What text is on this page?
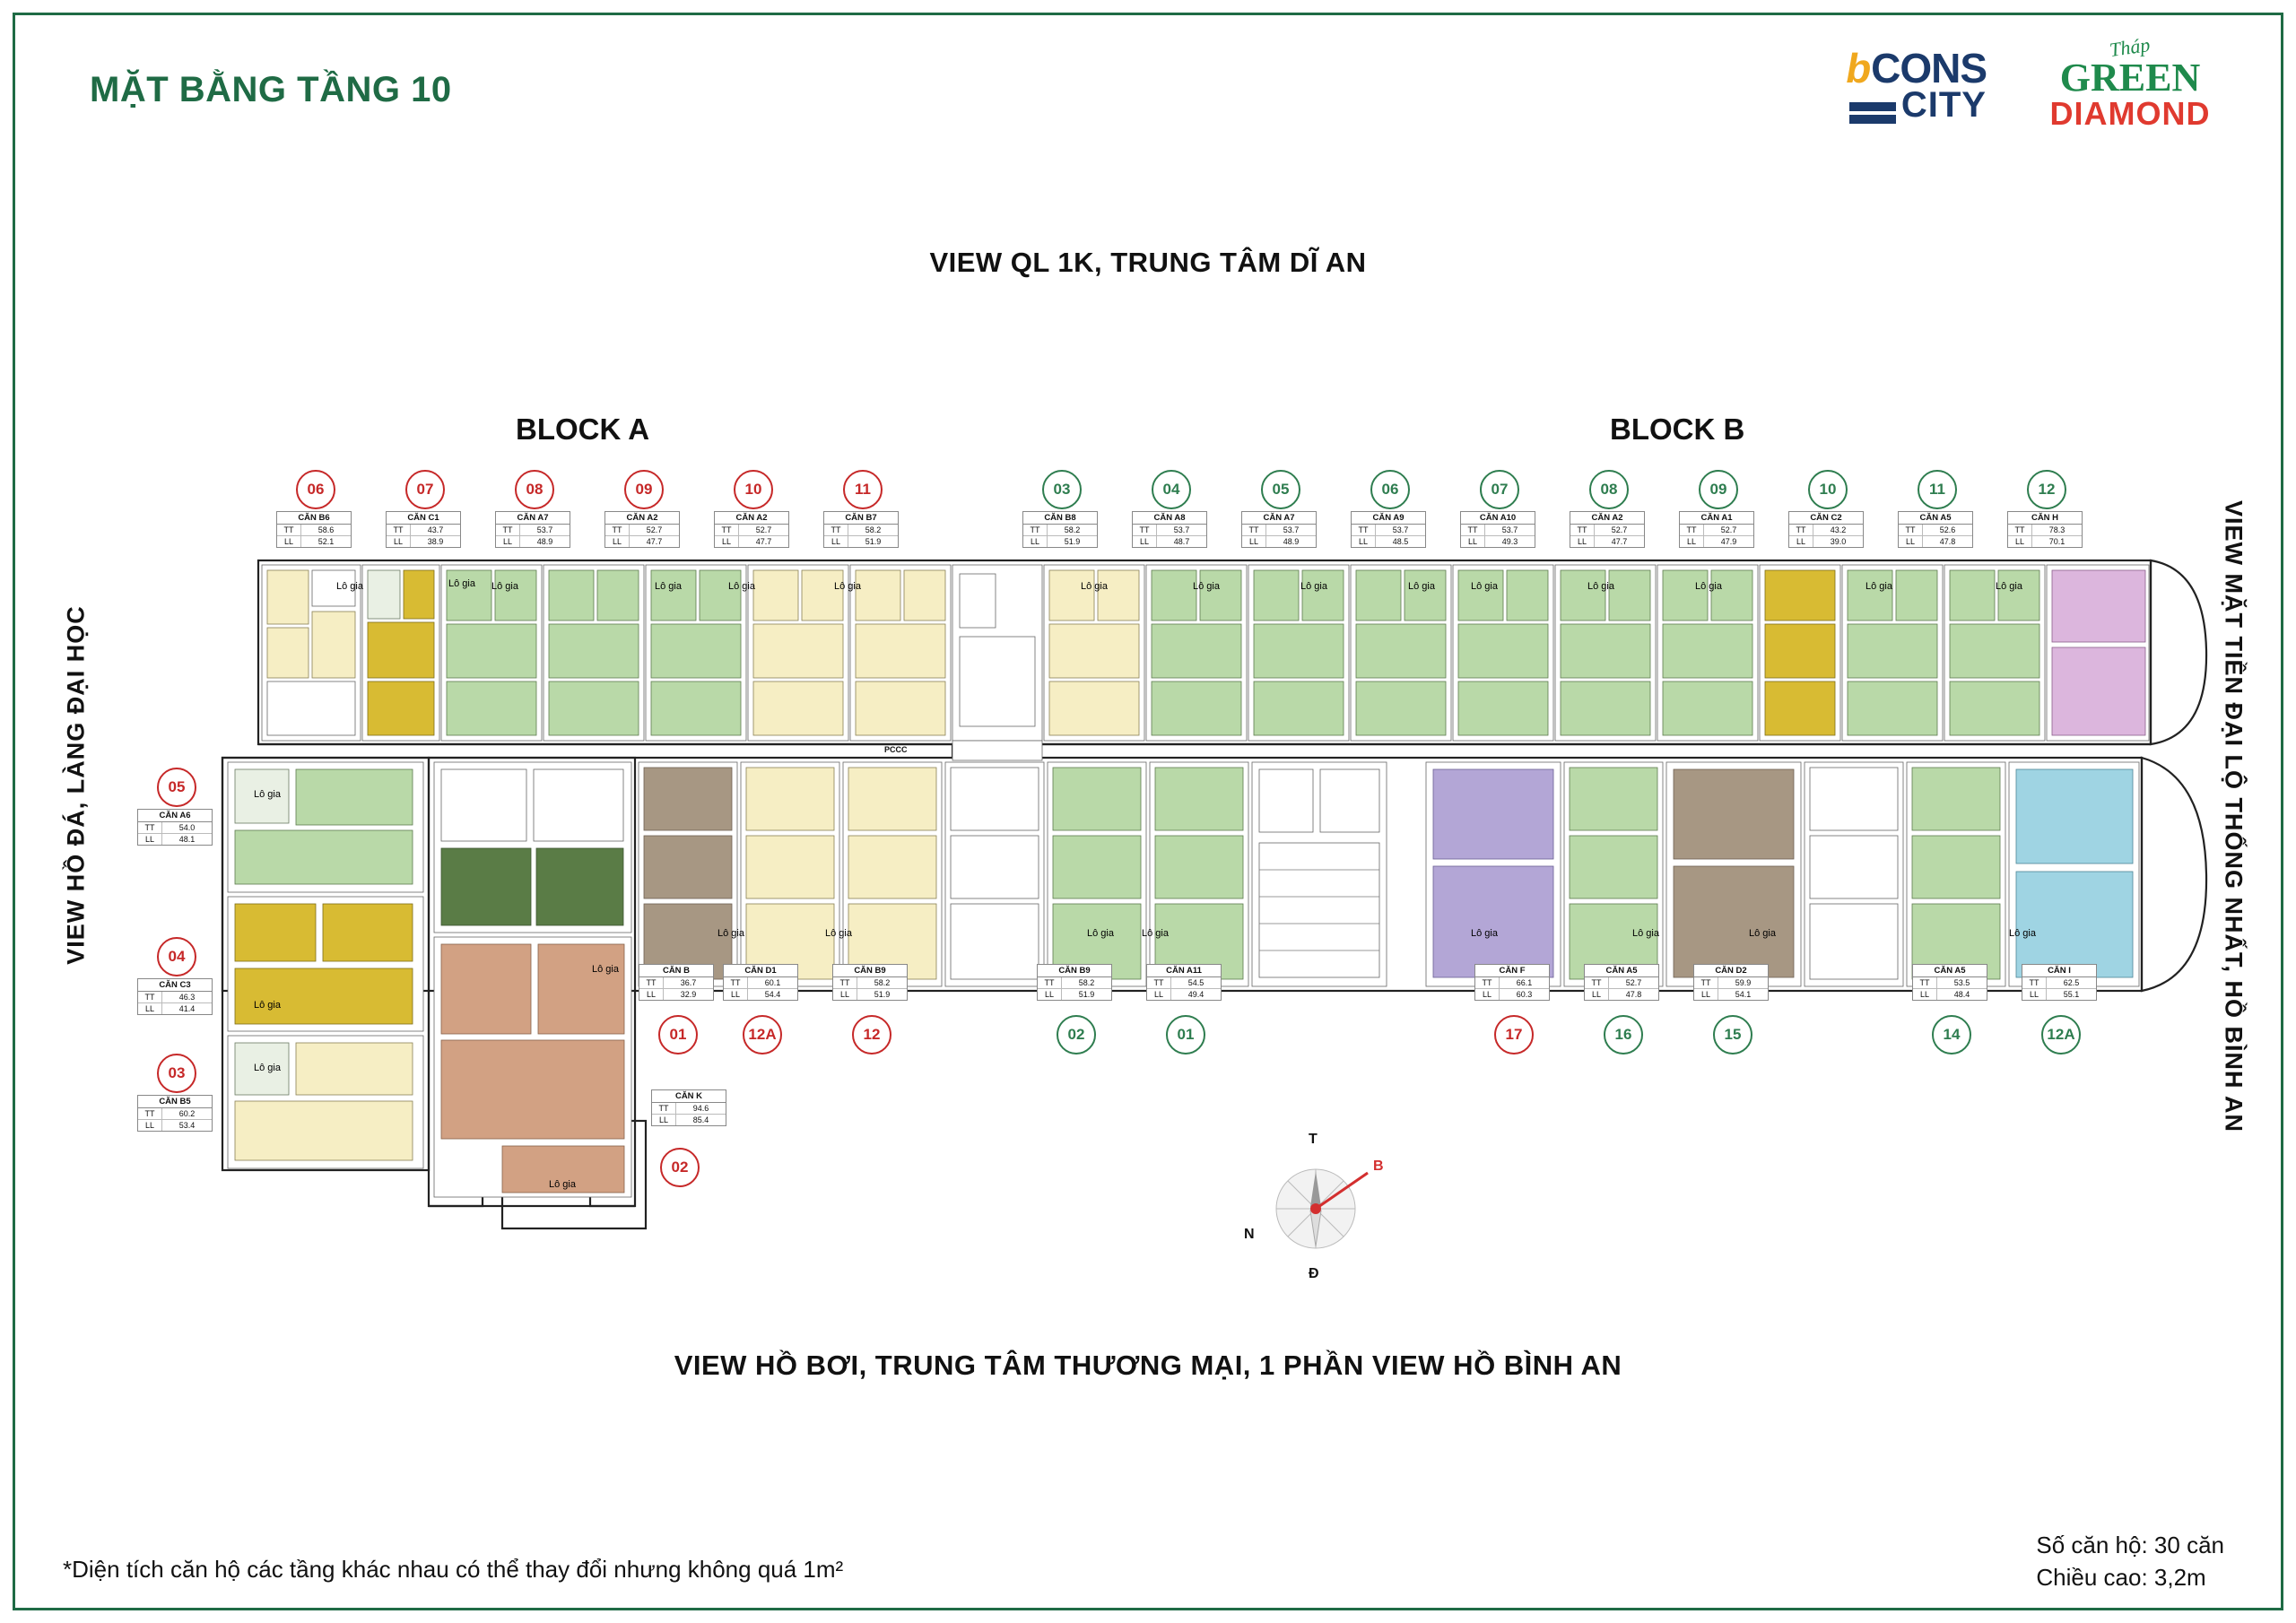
MẶT BẰNG TẦNG 10	bCONS
CITY
Tháp
GREEN
DIAMOND
VIEW QL 1K, TRUNG TÂM DĨ AN
VIEW HỒ BƠI, TRUNG TÂM THƯƠNG MẠI, 1 PHẦN VIEW HỒ BÌNH AN
VIEW HỒ ĐÁ, LÀNG ĐẠI HỌC	VIEW MẶT TIỀN ĐẠI LỘ THỐNG NHẤT, HỒ BÌNH AN
BLOCK A	BLOCK B
06
CĂN B6
TT	58.6
LL	52.1
07
CĂN C1
TT	43.7
LL	38.9
08
CĂN A7
TT	53.7
LL	48.9
09
CĂN A2
TT	52.7
LL	47.7
10
CĂN A2
TT	52.7
LL	47.7
11
CĂN B7
TT	58.2
LL	51.9
03
CĂN B8
TT	58.2
LL	51.9
04
CĂN A8
TT	53.7
LL	48.7
05
CĂN A7
TT	53.7
LL	48.9
06
CĂN A9
TT	53.7
LL	48.5
07
CĂN A10
TT	53.7
LL	49.3
08
CĂN A2
TT	52.7
LL	47.7
09
CĂN A1
TT	52.7
LL	47.9
10
CĂN C2
TT	43.2
LL	39.0
11
CĂN A5
TT	52.6
LL	47.8
12
CĂN H
TT	78.3
LL	70.1
05
CĂN A6
TT	54.0
LL	48.1
04
CĂN C3
TT	46.3
LL	41.4
03
CĂN B5
TT	60.2
LL	53.4
CĂN K
TT	94.6
LL	85.4
02
CĂN B
TT	36.7
LL	32.9
01
CĂN D1
TT	60.1
LL	54.4
12A
CĂN B9
TT	58.2
LL	51.9
12
CĂN B9
TT	58.2
LL	51.9
02
CĂN A11
TT	54.5
LL	49.4
01
CĂN F
TT	66.1
LL	60.3
17
CĂN A5
TT	52.7
LL	47.8
16
CĂN D2
TT	59.9
LL	54.1
15
CĂN A5
TT	53.5
LL	48.4
14
CĂN I
TT	62.5
LL	55.1
12A
PCCC
Lô gia	Lô gia Lô gia	Lô gia	Lô gia	Lô gia	Lô gia	Lô gia	Lô gia	Lô gia	Lô gia	Lô gia	Lô gia	Lô gia	Lô gia
Lô gia
Lô gia
Lô gia
Lô gia
Lô gia
Lô gia	Lô gia	Lô gia	Lô gia	Lô gia	Lô gia	Lô gia	Lô gia
T
B
Đ
N
*Diện tích căn hộ các tầng khác nhau có thể thay đổi nhưng không quá 1m²
Số căn hộ: 30 căn
Chiều cao: 3,2m
